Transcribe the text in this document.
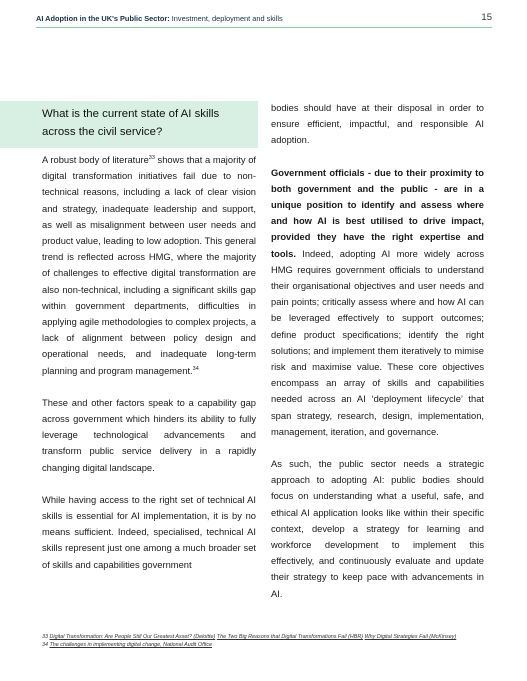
AI Adoption in the UK's Public Sector: Investment, deployment and skills	15
What is the current state of AI skills across the civil service?

A robust body of literature$^{33}$ shows that a majority of digital transformation initiatives fail due to non-technical reasons, including a lack of clear vision and strategy, inadequate leadership and support, as well as misalignment between user needs and product value, leading to low adoption. This general trend is reflected across HMG, where the majority of challenges to effective digital transformation are also non-technical, including a significant skills gap within government departments, difficulties in applying agile methodologies to complex projects, a lack of alignment between policy design and operational needs, and inadequate long-term planning and program management.$^{34}$

These and other factors speak to a capability gap across government which hinders its ability to fully leverage technological advancements and transform public service delivery in a rapidly changing digital landscape.

While having access to the right set of technical AI skills is essential for AI implementation, it is by no means sufficient. Indeed, specialised, technical AI skills represent just one among a much broader set of skills and capabilities government

bodies should have at their disposal in order to ensure efficient, impactful, and responsible AI adoption.

Government officials - due to their proximity to both government and the public - are in a unique position to identify and assess where and how AI is best utilised to drive impact, provided they have the right expertise and tools. Indeed, adopting AI more widely across HMG requires government officials to understand their organisational objectives and user needs and pain points; critically assess where and how AI can be leveraged effectively to support outcomes; define product specifications; identify the right solutions; and implement them iteratively to mimise risk and maximise value. These core objectives encompass an array of skills and capabilities needed across an AI ‘deployment lifecycle’ that span strategy, research, design, implementation, management, iteration, and governance.

As such, the public sector needs a strategic approach to adopting AI: public bodies should focus on understanding what a useful, safe, and ethical AI application looks like within their specific context, develop a strategy for learning and workforce development to implement this effectively, and continuously evaluate and update their strategy to keep pace with advancements in AI.

33 Digital Transformation: Are People Still Our Greatest Asset? (Deloitte) The Two Big Reasons that Digital Transformations Fail (HBR) Why Digital Strategies Fail (McKinsey)

34 The challenges in implementing digital change, National Audit Office
